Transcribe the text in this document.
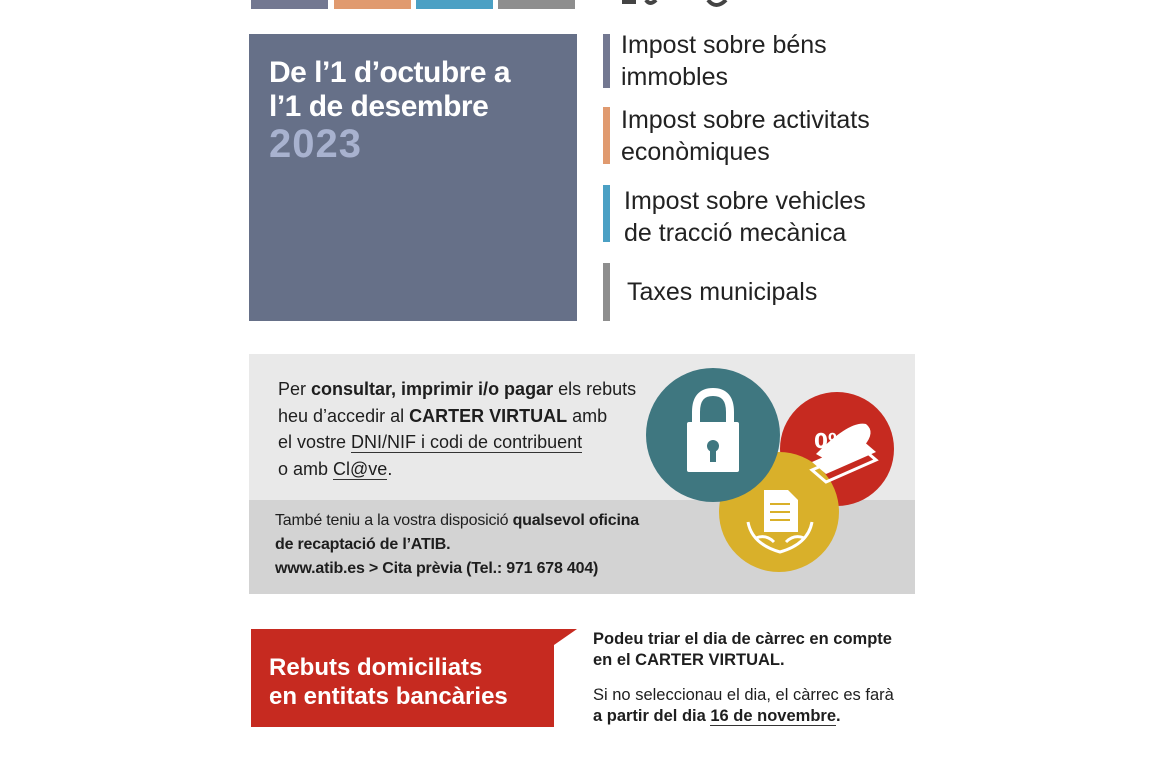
De l’1 d’octubre a
l’1 de desembre
2023
Impost sobre béns
immobles
Impost sobre activitats
econòmiques
Impost sobre vehicles
de tracció mecànica
Taxes municipals
Per consultar, imprimir i/o pagar els rebuts
heu d’accedir al CARTER VIRTUAL amb
el vostre DNI/NIF i codi de contribuent
o amb Cl@ve.
També teniu a la vostra disposició qualsevol oficina
de recaptació de l’ATIB.
www.atib.es > Cita prèvia (Tel.: 971 678 404)
0%
Rebuts domiciliats
en entitats bancàries
Podeu triar el dia de càrrec en compte
en el CARTER VIRTUAL.
Si no seleccionau el dia, el càrrec es farà
a partir del dia 16 de novembre.
